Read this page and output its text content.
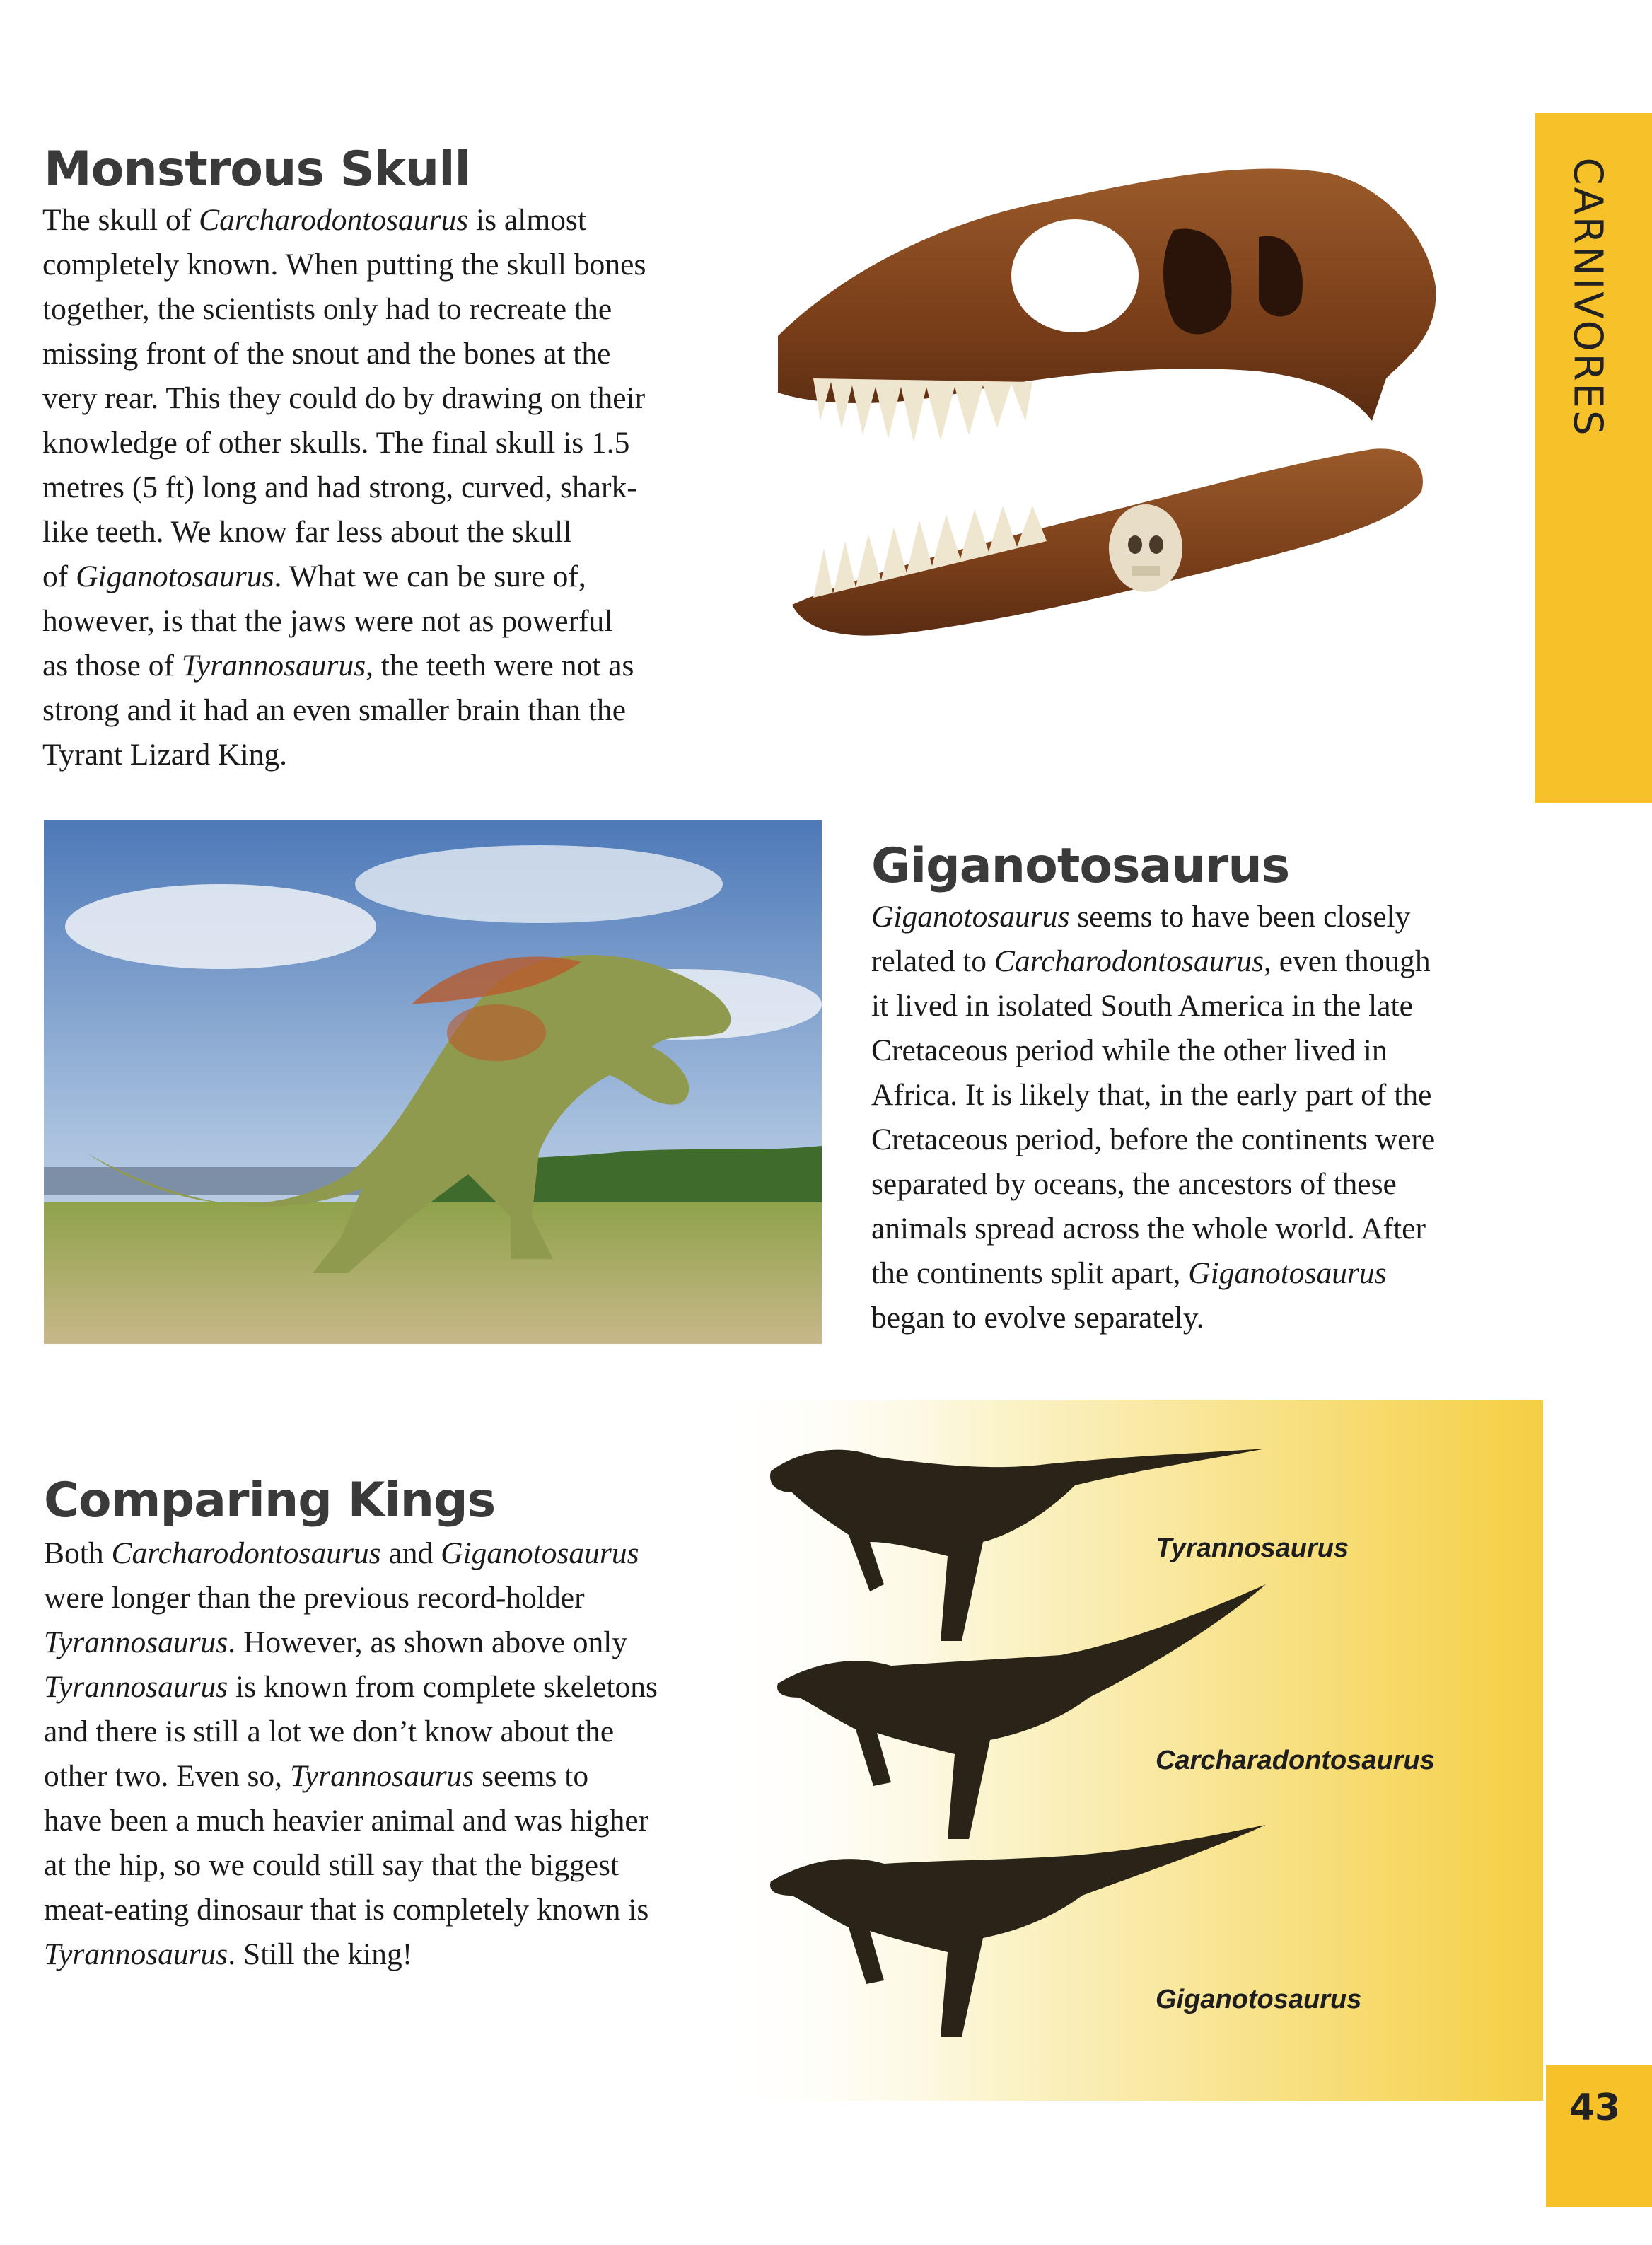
CARNIVORES
43
Monstrous Skull
The skull of Carcharodontosaurus is almost
completely known. When putting the skull bones
together, the scientists only had to recreate the
missing front of the snout and the bones at the
very rear. This they could do by drawing on their
knowledge of other skulls. The final skull is 1.5
metres (5 ft) long and had strong, curved, shark-
like teeth. We know far less about the skull
of Giganotosaurus. What we can be sure of,
however, is that the jaws were not as powerful
as those of Tyrannosaurus, the teeth were not as
strong and it had an even smaller brain than the
Tyrant Lizard King.
Giganotosaurus
Giganotosaurus seems to have been closely
related to Carcharodontosaurus, even though
it lived in isolated South America in the late
Cretaceous period while the other lived in
Africa. It is likely that, in the early part of the
Cretaceous period, before the continents were
separated by oceans, the ancestors of these
animals spread across the whole world. After
the continents split apart, Giganotosaurus
began to evolve separately.
Tyrannosaurus
Carcharadontosaurus
Giganotosaurus
Comparing Kings
Both Carcharodontosaurus and Giganotosaurus
were longer than the previous record-holder
Tyrannosaurus. However, as shown above only
Tyrannosaurus is known from complete skeletons
and there is still a lot we don’t know about the
other two. Even so, Tyrannosaurus seems to
have been a much heavier animal and was higher
at the hip, so we could still say that the biggest
meat-eating dinosaur that is completely known is
Tyrannosaurus. Still the king!
